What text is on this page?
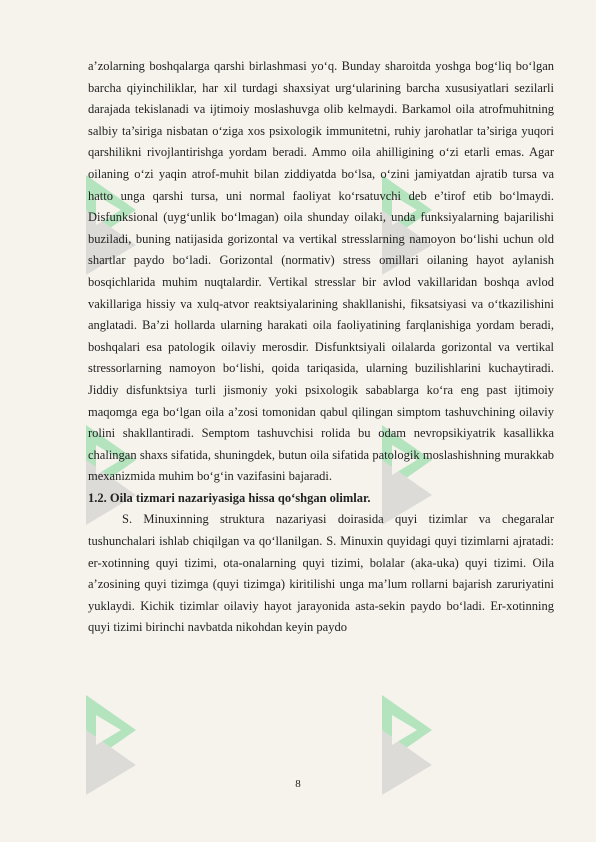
a’zolarning boshqalarga qarshi birlashmasi yo‘q. Bunday sharoitda yoshga bog‘liq bo‘lgan barcha qiyinchiliklar, har xil turdagi shaxsiyat urg‘ularining barcha xususiyatlari sezilarli darajada tekislanadi va ijtimoiy moslashuvga olib kelmaydi. Barkamol oila atrofmuhitning salbiy ta’siriga nisbatan o‘ziga xos psixologik immunitetni, ruhiy jarohatlar ta’siriga yuqori qarshilikni rivojlantirishga yordam beradi. Ammo oila ahilligining o‘zi etarli emas. Agar oilaning o‘zi yaqin atrof-muhit bilan ziddiyatda bo‘lsa, o‘zini jamiyatdan ajratib tursa va hatto unga qarshi tursa, uni normal faoliyat ko‘rsatuvchi deb e’tirof etib bo‘lmaydi. Disfunksional (uyg‘unlik bo‘lmagan) oila shunday oilaki, unda funksiyalarning bajarilishi buziladi, buning natijasida gorizontal va vertikal stresslarning namoyon bo‘lishi uchun old shartlar paydo bo‘ladi. Gorizontal (normativ) stress omillari oilaning hayot aylanish bosqichlarida muhim nuqtalardir. Vertikal stresslar bir avlod vakillaridan boshqa avlod vakillariga hissiy va xulq-atvor reaktsiyalarining shakllanishi, fiksatsiyasi va o‘tkazilishini anglatadi. Ba’zi hollarda ularning harakati oila faoliyatining farqlanishiga yordam beradi, boshqalari esa patologik oilaviy merosdir. Disfunktsiyali oilalarda gorizontal va vertikal stressorlarning namoyon bo‘lishi, qoida tariqasida, ularning buzilishlarini kuchaytiradi. Jiddiy disfunktsiya turli jismoniy yoki psixologik sabablarga ko‘ra eng past ijtimoiy maqomga ega bo‘lgan oila a’zosi tomonidan qabul qilingan simptom tashuvchining oilaviy rolini shakllantiradi. Semptom tashuvchisi rolida bu odam nevropsikiyatrik kasallikka chalingan shaxs sifatida, shuningdek, butun oila sifatida patologik moslashishning murakkab mexanizmida muhim bo‘g‘in vazifasini bajaradi.

1.2. Oila tizmari nazariyasiga hissa qo‘shgan olimlar.

S. Minuxinning struktura nazariyasi doirasida quyi tizimlar va chegaralar tushunchalari ishlab chiqilgan va qo‘llanilgan. S. Minuxin quyidagi quyi tizimlarni ajratadi: er-xotinning quyi tizimi, ota-onalarning quyi tizimi, bolalar (aka-uka) quyi tizimi. Oila a’zosining quyi tizimga (quyi tizimga) kiritilishi unga ma’lum rollarni bajarish zaruriyatini yuklaydi. Kichik tizimlar oilaviy hayot jarayonida asta-sekin paydo bo‘ladi. Er-xotinning quyi tizimi birinchi navbatda nikohdan keyin paydo

8
